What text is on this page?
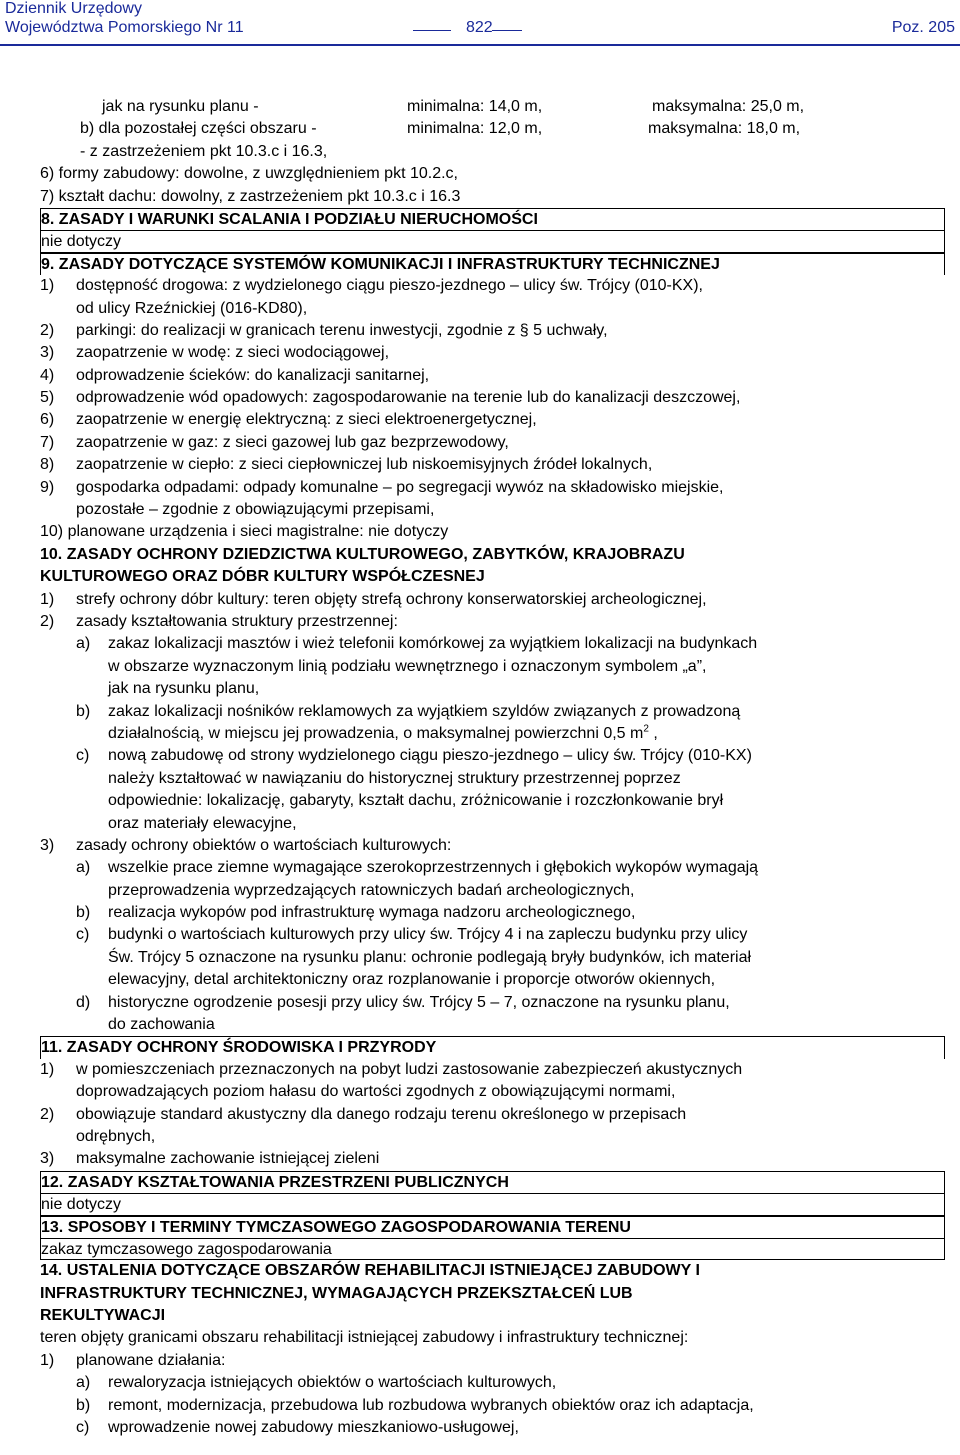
Dziennik Urzędowy
Województwa Pomorskiego Nr 11	822	Poz. 205
jak na rysunku planu -	minimalna: 14,0 m,	maksymalna: 25,0 m,
b) dla pozostałej części obszaru -	minimalna: 12,0 m,	maksymalna: 18,0 m,
- z zastrzeżeniem pkt 10.3.c i 16.3,
6) formy zabudowy: dowolne, z uwzględnieniem pkt 10.2.c,
7) kształt dachu: dowolny, z zastrzeżeniem pkt 10.3.c i 16.3
8. ZASADY I WARUNKI SCALANIA I PODZIAŁU NIERUCHOMOŚCI
nie dotyczy
9. ZASADY DOTYCZĄCE SYSTEMÓW KOMUNIKACJI I INFRASTRUKTURY TECHNICZNEJ
1) dostępność drogowa: z wydzielonego ciągu pieszo-jezdnego – ulicy św. Trójcy (010-KX),
od ulicy Rzeźnickiej (016-KD80),
2) parkingi: do realizacji w granicach terenu inwestycji, zgodnie z § 5 uchwały,
3) zaopatrzenie w wodę: z sieci wodociągowej,
4) odprowadzenie ścieków: do kanalizacji sanitarnej,
5) odprowadzenie wód opadowych: zagospodarowanie na terenie lub do kanalizacji deszczowej,
6) zaopatrzenie w energię elektryczną: z sieci elektroenergetycznej,
7) zaopatrzenie w gaz: z sieci gazowej lub gaz bezprzewodowy,
8) zaopatrzenie w ciepło: z sieci ciepłowniczej lub niskoemisyjnych źródeł lokalnych,
9) gospodarka odpadami: odpady komunalne – po segregacji wywóz na składowisko miejskie,
pozostałe – zgodnie z obowiązującymi przepisami,
10) planowane urządzenia i sieci magistralne: nie dotyczy
10. ZASADY OCHRONY DZIEDZICTWA KULTUROWEGO, ZABYTKÓW, KRAJOBRAZU
KULTUROWEGO ORAZ DÓBR KULTURY WSPÓŁCZESNEJ
1) strefy ochrony dóbr kultury: teren objęty strefą ochrony konserwatorskiej archeologicznej,
2) zasady kształtowania struktury przestrzennej:
a) zakaz lokalizacji masztów i wież telefonii komórkowej za wyjątkiem lokalizacji na budynkach
w obszarze wyznaczonym linią podziału wewnętrznego i oznaczonym symbolem „a”,
jak na rysunku planu,
b) zakaz lokalizacji nośników reklamowych za wyjątkiem szyldów związanych z prowadzoną
działalnością, w miejscu jej prowadzenia, o maksymalnej powierzchni 0,5 $m^2$ ,
c) nową zabudowę od strony wydzielonego ciągu pieszo-jezdnego – ulicy św. Trójcy (010-KX)
należy kształtować w nawiązaniu do historycznej struktury przestrzennej poprzez
odpowiednie: lokalizację, gabaryty, kształt dachu, zróżnicowanie i rozczłonkowanie brył
oraz materiały elewacyjne,
3) zasady ochrony obiektów o wartościach kulturowych:
a) wszelkie prace ziemne wymagające szerokoprzestrzennych i głębokich wykopów wymagają
przeprowadzenia wyprzedzających ratowniczych badań archeologicznych,
b) realizacja wykopów pod infrastrukturę wymaga nadzoru archeologicznego,
c) budynki o wartościach kulturowych przy ulicy św. Trójcy 4 i na zapleczu budynku przy ulicy
Św. Trójcy 5 oznaczone na rysunku planu: ochronie podlegają bryły budynków, ich materiał
elewacyjny, detal architektoniczny oraz rozplanowanie i proporcje otworów okiennych,
d) historyczne ogrodzenie posesji przy ulicy św. Trójcy 5 – 7, oznaczone na rysunku planu,
do zachowania
11. ZASADY OCHRONY ŚRODOWISKA I PRZYRODY
1) w pomieszczeniach przeznaczonych na pobyt ludzi zastosowanie zabezpieczeń akustycznych
doprowadzających poziom hałasu do wartości zgodnych z obowiązującymi normami,
2) obowiązuje standard akustyczny dla danego rodzaju terenu określonego w przepisach
odrębnych,
3) maksymalne zachowanie istniejącej zieleni
12. ZASADY KSZTAŁTOWANIA PRZESTRZENI PUBLICZNYCH
nie dotyczy
13. SPOSOBY I TERMINY TYMCZASOWEGO ZAGOSPODAROWANIA TERENU
zakaz tymczasowego zagospodarowania
14. USTALENIA DOTYCZĄCE OBSZARÓW REHABILITACJI ISTNIEJĄCEJ ZABUDOWY I
INFRASTRUKTURY TECHNICZNEJ, WYMAGAJĄCYCH PRZEKSZTAŁCEŃ LUB
REKULTYWACJI
teren objęty granicami obszaru rehabilitacji istniejącej zabudowy i infrastruktury technicznej:
1) planowane działania:
a) rewaloryzacja istniejących obiektów o wartościach kulturowych,
b) remont, modernizacja, przebudowa lub rozbudowa wybranych obiektów oraz ich adaptacja,
c) wprowadzenie nowej zabudowy mieszkaniowo-usługowej,
